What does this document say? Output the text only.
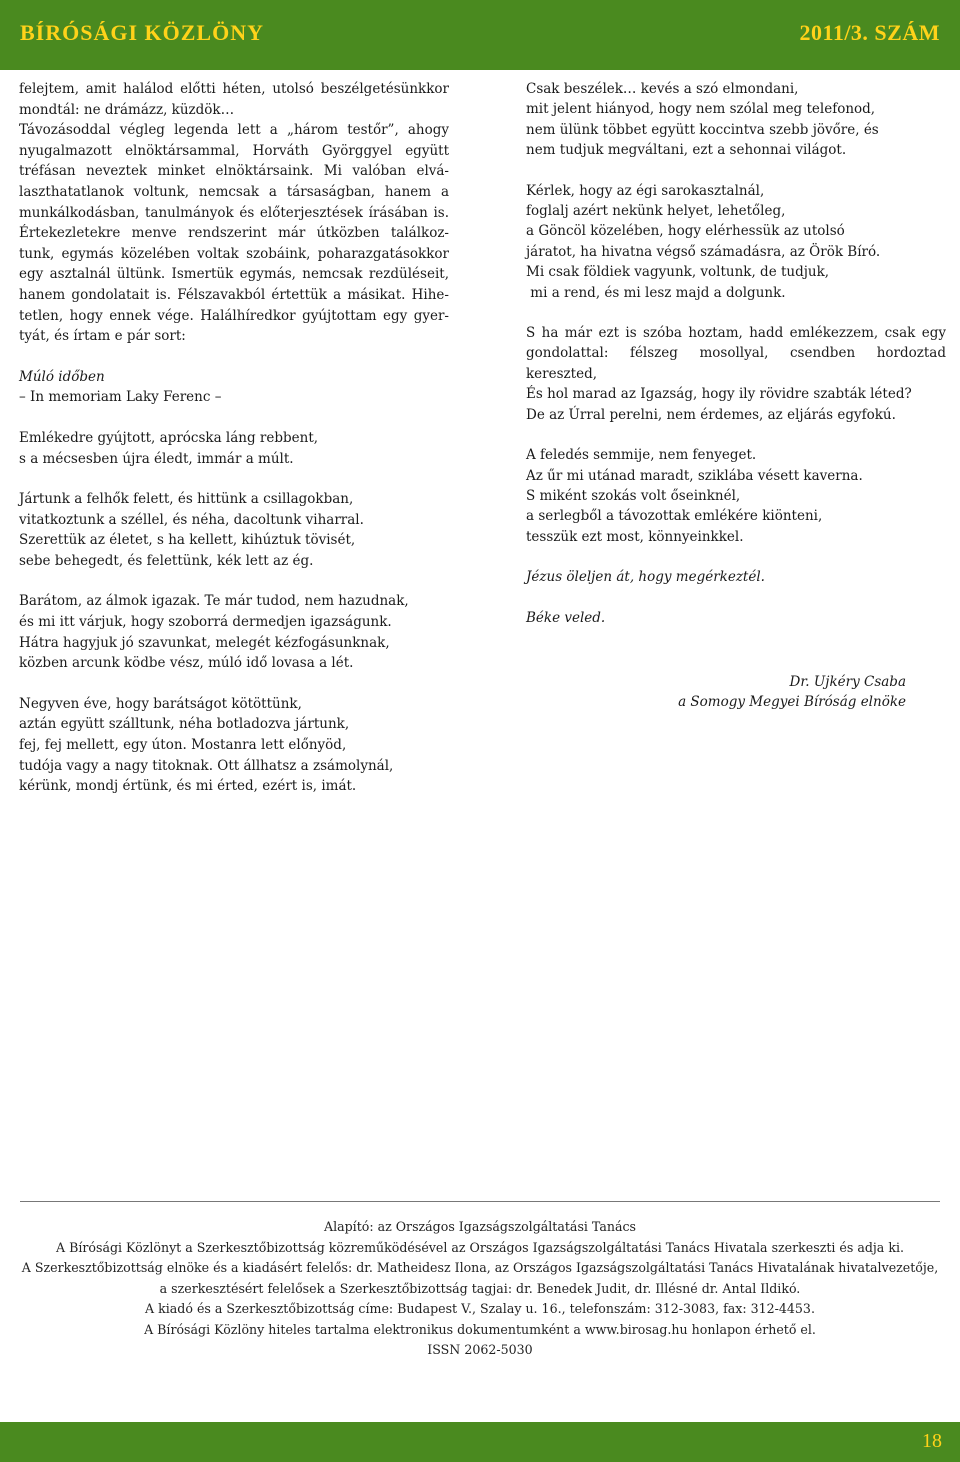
BÍRÓSÁGI KÖZLÖNY	2011/3. SZÁM
felejtem, amit halálod előtti héten, utolsó beszélgetésünkkor
mondtál: ne drámázz, küzdök…
Távozásoddal végleg legenda lett a „három testőr”, ahogy
nyugalmazott elnöktársammal, Horváth Györggyel együtt
tréfásan neveztek minket elnöktársaink. Mi valóban elvá-
laszthatatlanok voltunk, nemcsak a társaságban, hanem a
munkálkodásban, tanulmányok és előterjesztések írásában is.
Értekezletekre menve rendszerint már útközben találkoz-
tunk, egymás közelében voltak szobáink, poharazgatásokkor
egy asztalnál ültünk. Ismertük egymás, nemcsak rezdüléseit,
hanem gondolatait is. Félszavakból értettük a másikat. Hihe-
tetlen, hogy ennek vége. Halálhíredkor gyújtottam egy gyer-
tyát, és írtam e pár sort:
Múló időben
– In memoriam Laky Ferenc –
Emlékedre gyújtott, aprócska láng rebbent,
s a mécsesben újra éledt, immár a múlt.
Jártunk a felhők felett, és hittünk a csillagokban,
vitatkoztunk a széllel, és néha, dacoltunk viharral.
Szerettük az életet, s ha kellett, kihúztuk tövisét,
sebe behegedt, és felettünk, kék lett az ég.
Barátom, az álmok igazak. Te már tudod, nem hazudnak,
és mi itt várjuk, hogy szoborrá dermedjen igazságunk.
Hátra hagyjuk jó szavunkat, melegét kézfogásunknak,
közben arcunk ködbe vész, múló idő lovasa a lét.
Negyven éve, hogy barátságot kötöttünk,
aztán együtt szálltunk, néha botladozva jártunk,
fej, fej mellett, egy úton. Mostanra lett előnyöd,
tudója vagy a nagy titoknak. Ott állhatsz a zsámolynál,
kérünk, mondj értünk, és mi érted, ezért is, imát.
Csak beszélek… kevés a szó elmondani,
mit jelent hiányod, hogy nem szólal meg telefonod,
nem ülünk többet együtt koccintva szebb jövőre, és
nem tudjuk megváltani, ezt a sehonnai világot.
Kérlek, hogy az égi sarokasztalnál,
foglalj azért nekünk helyet, lehetőleg,
a Göncöl közelében, hogy elérhessük az utolsó
járatot, ha hivatna végső számadásra, az Örök Bíró.
Mi csak földiek vagyunk, voltunk, de tudjuk,
mi a rend, és mi lesz majd a dolgunk.
S ha már ezt is szóba hoztam, hadd emlékezzem, csak egy
gondolattal: félszeg mosollyal, csendben hordoztad
kereszted,
És hol marad az Igazság, hogy ily rövidre szabták léted?
De az Úrral perelni, nem érdemes, az eljárás egyfokú.
A feledés semmije, nem fenyeget.
Az űr mi utánad maradt, sziklába vésett kaverna.
S miként szokás volt őseinknél,
a serlegből a távozottak emlékére kiönteni,
tesszük ezt most, könnyeinkkel.
Jézus öleljen át, hogy megérkeztél.
Béke veled.
Dr. Ujkéry Csaba
a Somogy Megyei Bíróság elnöke
Alapító: az Országos Igazságszolgáltatási Tanács
A Bírósági Közlönyt a Szerkesztőbizottság közreműködésével az Országos Igazságszolgáltatási Tanács Hivatala szerkeszti és adja ki.
A Szerkesztőbizottság elnöke és a kiadásért felelős: dr. Matheidesz Ilona, az Országos Igazságszolgáltatási Tanács Hivatalának hivatalvezetője,
a szerkesztésért felelősek a Szerkesztőbizottság tagjai: dr. Benedek Judit, dr. Illésné dr. Antal Ildikó.
A kiadó és a Szerkesztőbizottság címe: Budapest V., Szalay u. 16., telefonszám: 312-3083, fax: 312-4453.
A Bírósági Közlöny hiteles tartalma elektronikus dokumentumként a www.birosag.hu honlapon érhető el.
ISSN 2062-5030
18
